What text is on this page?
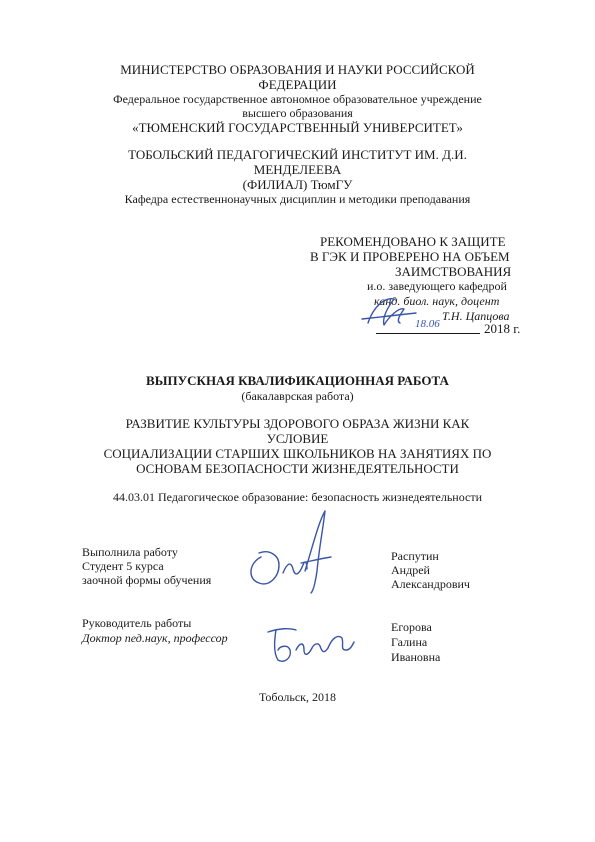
МИНИСТЕРСТВО ОБРАЗОВАНИЯ И НАУКИ РОССИЙСКОЙ
ФЕДЕРАЦИИ
Федеральное государственное автономное образовательное учреждение
высшего образования
«ТЮМЕНСКИЙ ГОСУДАРСТВЕННЫЙ УНИВЕРСИТЕТ»
ТОБОЛЬСКИЙ ПЕДАГОГИЧЕСКИЙ ИНСТИТУТ ИМ. Д.И.
МЕНДЕЛЕЕВА
(ФИЛИАЛ) ТюмГУ
Кафедра естественнонаучных дисциплин и методики преподавания
РЕКОМЕНДОВАНО К ЗАЩИТЕ
В ГЭК И ПРОВЕРЕНО НА ОБЪЕМ
ЗАИМСТВОВАНИЯ
и.о. заведующего кафедрой
канд. биол. наук, доцент
Т.Н. Цапцова
18.06	2018 г.
ВЫПУСКНАЯ КВАЛИФИКАЦИОННАЯ РАБОТА
(бакалаврская работа)
РАЗВИТИЕ КУЛЬТУРЫ ЗДОРОВОГО ОБРАЗА ЖИЗНИ КАК
УСЛОВИЕ
СОЦИАЛИЗАЦИИ СТАРШИХ ШКОЛЬНИКОВ НА ЗАНЯТИЯХ ПО
ОСНОВАМ БЕЗОПАСНОСТИ ЖИЗНЕДЕЯТЕЛЬНОСТИ
44.03.01 Педагогическое образование: безопасность жизнедеятельности
Выполнила работу
Студент 5 курса
заочной формы обучения
Распутин
Андрей
Александрович
Руководитель работы
Доктор пед.наук, профессор
Егорова
Галина
Ивановна
Тобольск, 2018
